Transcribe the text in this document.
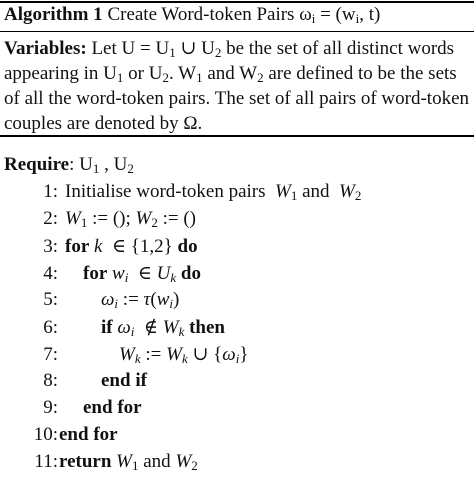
Algorithm 1 Create Word-token Pairs $\omega_i = (w_i$, t)
Variables: Let $U = U_1$ ∪ $U_2$ be the set of all distinct words appearing in $U_1$ or $U_2$. $W_1$ and $W_2$ are defined to be the sets of all the word-token pairs. The set of all pairs of word-token couples are denoted by Ω.
Require: $U_1$ , $U_2$
1: Initialise word-token pairs  $W_1$ and  $W_2$
2: $W_1$ := (); $W_2$ := ()
3: for k  ∈ {1,2} do
4:	for $w_i$  ∈ $U_k$ do
5:	$\omega_i$ := $\tau(w_i)$
6:	if $\omega_i$  ∉ $W_k$ then
7:	$W_k$ := $W_k$ ∪ $\{\omega_i\}$
8:	end if
9:	end for
10: end for
11: return $W_1$ and $W_2$
